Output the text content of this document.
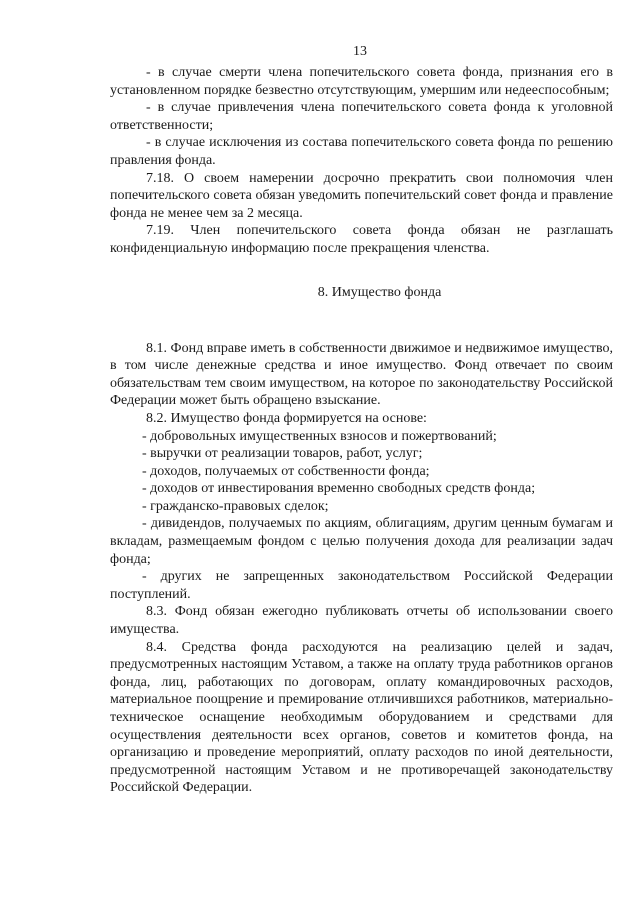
13

- в случае смерти члена попечительского совета фонда, признания его в установленном порядке безвестно отсутствующим, умершим или недееспособным;

- в случае привлечения члена попечительского совета фонда к уголовной ответственности;

- в случае исключения из состава попечительского совета фонда по решению правления фонда.

7.18. О своем намерении досрочно прекратить свои полномочия член попечительского совета обязан уведомить попечительский совет фонда и правление фонда не менее чем за 2 месяца.

7.19. Член попечительского совета фонда обязан не разглашать конфиденциальную информацию после прекращения членства.

8. Имущество фонда

8.1. Фонд вправе иметь в собственности движимое и недвижимое имущество, в том числе денежные средства и иное имущество. Фонд отвечает по своим обязательствам тем своим имуществом, на которое по законодательству Российской Федерации может быть обращено взыскание.

8.2. Имущество фонда формируется на основе:

- добровольных имущественных взносов и пожертвований;

- выручки от реализации товаров, работ, услуг;

- доходов, получаемых от собственности фонда;

- доходов от инвестирования временно свободных средств фонда;

- гражданско-правовых сделок;

- дивидендов, получаемых по акциям, облигациям, другим ценным бумагам и вкладам, размещаемым фондом с целью получения дохода для реализации задач фонда;

- других не запрещенных законодательством Российской Федерации поступлений.

8.3. Фонд обязан ежегодно публиковать отчеты об использовании своего имущества.

8.4. Средства фонда расходуются на реализацию целей и задач, предусмотренных настоящим Уставом, а также на оплату труда работников органов фонда, лиц, работающих по договорам, оплату командировочных расходов, материальное поощрение и премирование отличившихся работников, материально-техническое оснащение необходимым оборудованием и средствами для осуществления деятельности всех органов, советов и комитетов фонда, на организацию и проведение мероприятий, оплату расходов по иной деятельности, предусмотренной настоящим Уставом и не противоречащей законодательству Российской Федерации.
